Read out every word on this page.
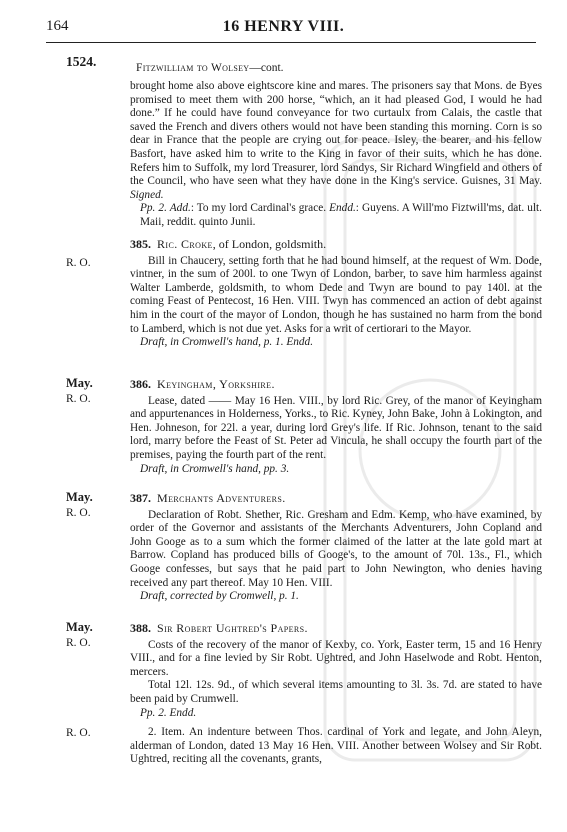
164	16 HENRY VIII.
1524.	Fitzwilliam to Wolsey—cont.

brought home also above eightscore kine and mares. The prisoners say that Mons. de Byes promised to meet them with 200 horse, “which, an it had pleased God, I would he had done.” If he could have found conveyance for two curtaulx from Calais, the castle that saved the French and divers others would not have been standing this morning. Corn is so dear in France that the people are crying out for peace. Isley, the bearer, and his fellow Basfort, have asked him to write to the King in favor of their suits, which he has done. Refers him to Suffolk, my lord Treasurer, lord Sandys, Sir Richard Wingfield and others of the Council, who have seen what they have done in the King's service. Guisnes, 31 May. Signed.

Pp. 2. Add.: To my lord Cardinal's grace. Endd.: Guyens. A Will'mo Fiztwill'ms, dat. ult. Maii, reddit. quinto Junii.

385. Ric. Croke, of London, goldsmith.

Bill in Chaucery, setting forth that he had bound himself, at the request of Wm. Dode, vintner, in the sum of 200l. to one Twyn of London, barber, to save him harmless against Walter Lamberde, goldsmith, to whom Dede and Twyn are bound to pay 140l. at the coming Feast of Pentecost, 16 Hen. VIII. Twyn has commenced an action of debt against him in the court of the mayor of London, though he has sustained no harm from the bond to Lamberd, which is not due yet. Asks for a writ of certiorari to the Mayor.

Draft, in Cromwell's hand, p. 1. Endd.

R. O.

386. Keyingham, Yorkshire.

Lease, dated —— May 16 Hen. VIII., by lord Ric. Grey, of the manor of Keyingham and appurtenances in Holderness, Yorks., to Ric. Kyney, John Bake, John à Lokington, and Hen. Johneson, for 22l. a year, during lord Grey's life. If Ric. Johnson, tenant to the said lord, marry before the Feast of St. Peter ad Vincula, he shall occupy the fourth part of the premises, paying the fourth part of the rent.

Draft, in Cromwell's hand, pp. 3.

May.
R. O.

387. Merchants Adventurers.

Declaration of Robt. Shether, Ric. Gresham and Edm. Kemp, who have examined, by order of the Governor and assistants of the Merchants Adventurers, John Copland and John Googe as to a sum which the former claimed of the latter at the late gold mart at Barrow. Copland has produced bills of Googe's, to the amount of 70l. 13s., Fl., which Googe confesses, but says that he paid part to John Newington, who denies having received any part thereof. May 10 Hen. VIII.

Draft, corrected by Cromwell, p. 1.

May.
R. O.

388. Sir Robert Ughtred's Papers.

Costs of the recovery of the manor of Kexby, co. York, Easter term, 15 and 16 Henry VIII., and for a fine levied by Sir Robt. Ughtred, and John Haselwode and Robt. Henton, mercers.

Total 12l. 12s. 9d., of which several items amounting to 3l. 3s. 7d. are stated to have been paid by Crumwell.

Pp. 2. Endd.

2. Item. An indenture between Thos. cardinal of York and legate, and John Aleyn, alderman of London, dated 13 May 16 Hen. VIII. Another between Wolsey and Sir Robt. Ughtred, reciting all the covenants, grants,

May.
R. O.
R. O.
